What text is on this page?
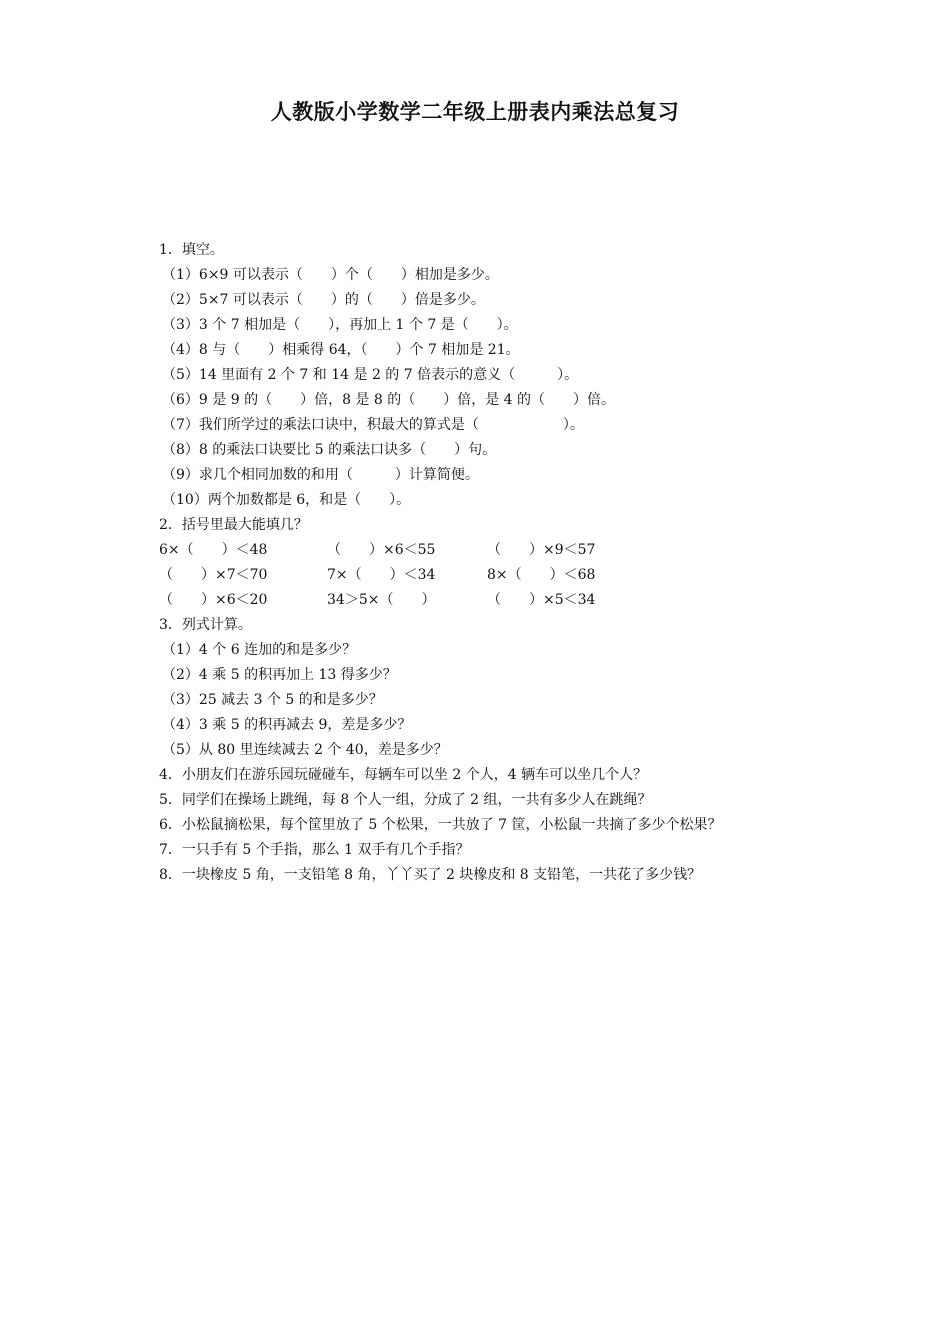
人教版小学数学二年级上册表内乘法总复习
1．填空。
（1）6×9 可以表示（　　）个（　　）相加是多少。
（2）5×7 可以表示（　　）的（　　）倍是多少。
（3）3 个 7 相加是（　　），再加上 1 个 7 是（　　）。
（4）8 与（　　）相乘得 64，（　　）个 7 相加是 21。
（5）14 里面有 2 个 7 和 14 是 2 的 7 倍表示的意义（　　　）。
（6）9 是 9 的（　　）倍，8 是 8 的（　　）倍，是 4 的（　　）倍。
（7）我们所学过的乘法口诀中，积最大的算式是（　　　　　　）。
（8）8 的乘法口诀要比 5 的乘法口诀多（　　）句。
（9）求几个相同加数的和用（　　　）计算简便。
（10）两个加数都是 6，和是（　　）。
2．括号里最大能填几？
6×（　　）＜48	（　　）×6＜55	（　　）×9＜57
（　　）×7＜70	7×（　　）＜34	8×（　　）＜68
（　　）×6＜20	34＞5×（　　）	（　　）×5＜34
3．列式计算。
（1）4 个 6 连加的和是多少？
（2）4 乘 5 的积再加上 13 得多少？
（3）25 减去 3 个 5 的和是多少？
（4）3 乘 5 的积再减去 9，差是多少？
（5）从 80 里连续减去 2 个 40，差是多少？
4．小朋友们在游乐园玩碰碰车，每辆车可以坐 2 个人，4 辆车可以坐几个人？
5．同学们在操场上跳绳，每 8 个人一组，分成了 2 组，一共有多少人在跳绳？
6．小松鼠摘松果，每个筐里放了 5 个松果，一共放了 7 筐，小松鼠一共摘了多少个松果？
7．一只手有 5 个手指，那么 1 双手有几个手指？
8．一块橡皮 5 角，一支铅笔 8 角，丫丫买了 2 块橡皮和 8 支铅笔，一共花了多少钱？
